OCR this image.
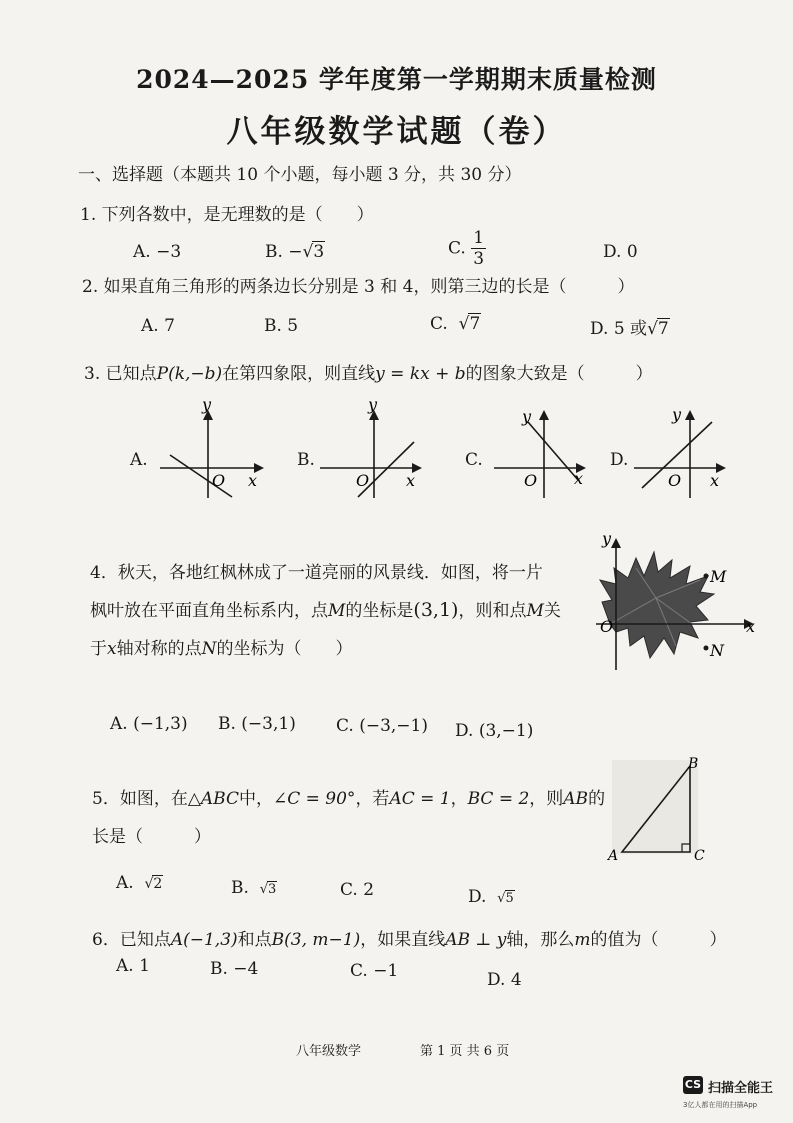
2024—2025 学年度第一学期期末质量检测
八年级数学试题（卷）
一、选择题（本题共 10 个小题，每小题 3 分，共 30 分）
1. 下列各数中，是无理数的是（　　）
A. −3	B. −√3	C. $\frac{1}{3}$	D. 0
2. 如果直角三角形的两条边长分别是 3 和 4，则第三边的长是（　　　）
A. 7	B. 5	C. √7	D. 5 或√7
3. 已知点P(k,−b)在第四象限，则直线y = kx + b的图象大致是（　　　）
A.
O x
y
B.
O x
y
C.
O x
y
D.
O x
y
4．秋天，各地红枫林成了一道亮丽的风景线．如图，将一片
枫叶放在平面直角坐标系内，点M的坐标是(3,1)，则和点M关
于x轴对称的点N的坐标为（　　）
M
N
O	x
y
A. (−1,3) B. (−3,1) C. (−3,−1) D. (3,−1)
5．如图，在△ABC中，∠C = 90°，若AC = 1，BC = 2，则AB的
长是（　　　）
A
B
C
A. √2	B. √3	C. 2	D. √5
6．已知点A(−1,3)和点B(3, m−1)，如果直线AB ⊥ y轴，那么m的值为（　　　）
A. 1	B. −4	C. −1	D. 4
八年级数学	第 1 页 共 6 页
CS 扫描全能王
3亿人都在用的扫描App
